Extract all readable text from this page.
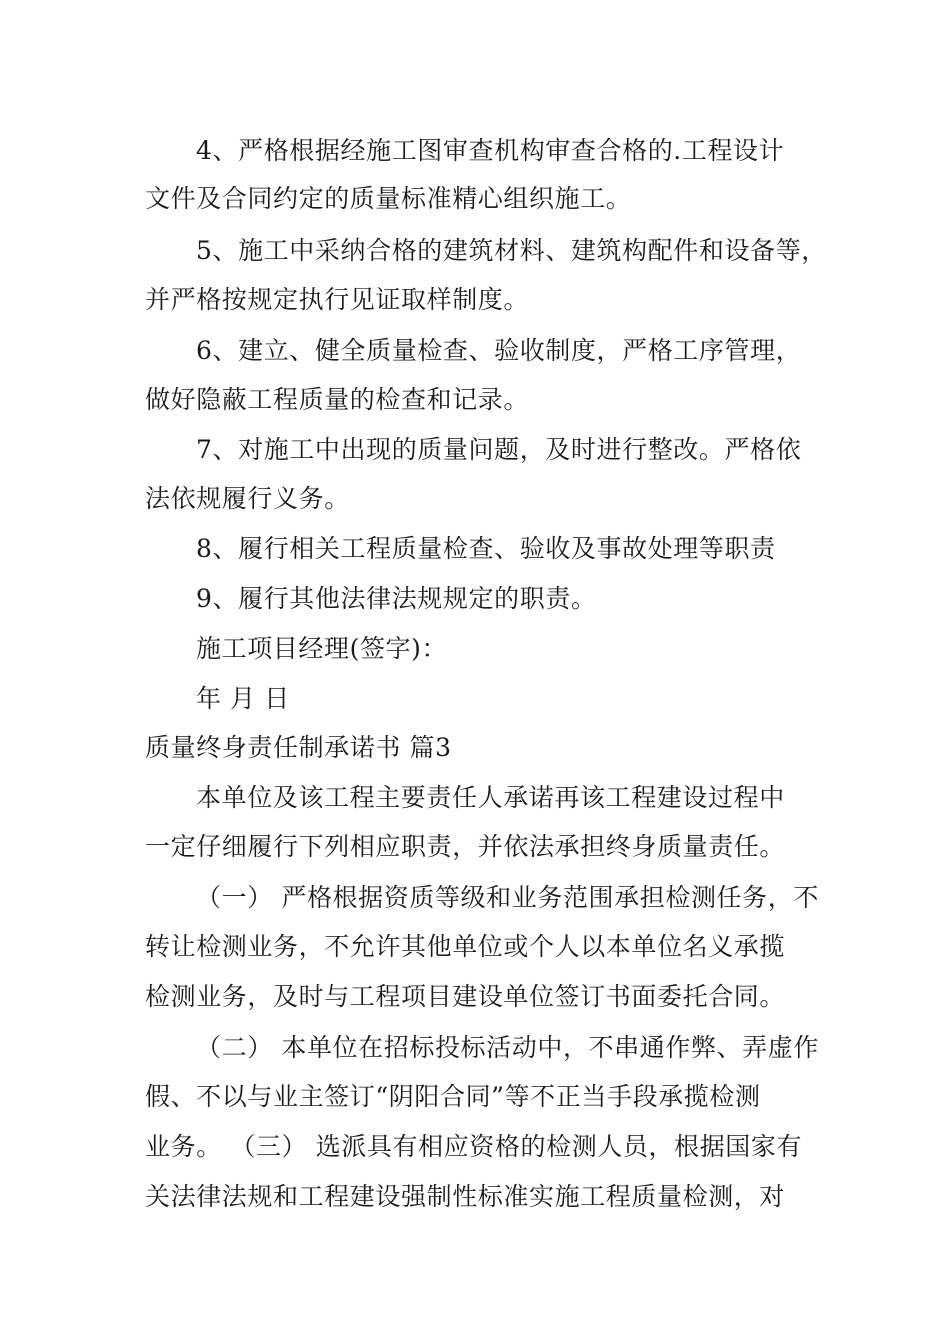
4、严格根据经施工图审查机构审查合格的.工程设计
文件及合同约定的质量标准精心组织施工。
5、施工中采纳合格的建筑材料、建筑构配件和设备等，
并严格按规定执行见证取样制度。
6、建立、健全质量检查、验收制度，严格工序管理，
做好隐蔽工程质量的检查和记录。
7、对施工中出现的质量问题，及时进行整改。严格依
法依规履行义务。
8、履行相关工程质量检查、验收及事故处理等职责
9、履行其他法律法规规定的职责。
施工项目经理(签字)：
年 月 日
质量终身责任制承诺书 篇3
本单位及该工程主要责任人承诺再该工程建设过程中
一定仔细履行下列相应职责，并依法承担终身质量责任。
（一） 严格根据资质等级和业务范围承担检测任务，不
转让检测业务，不允许其他单位或个人以本单位名义承揽
检测业务，及时与工程项目建设单位签订书面委托合同。
（二） 本单位在招标投标活动中，不串通作弊、弄虚作
假、不以与业主签订“阴阳合同”等不正当手段承揽检测
业务。 （三） 选派具有相应资格的检测人员，根据国家有
关法律法规和工程建设强制性标准实施工程质量检测，对
